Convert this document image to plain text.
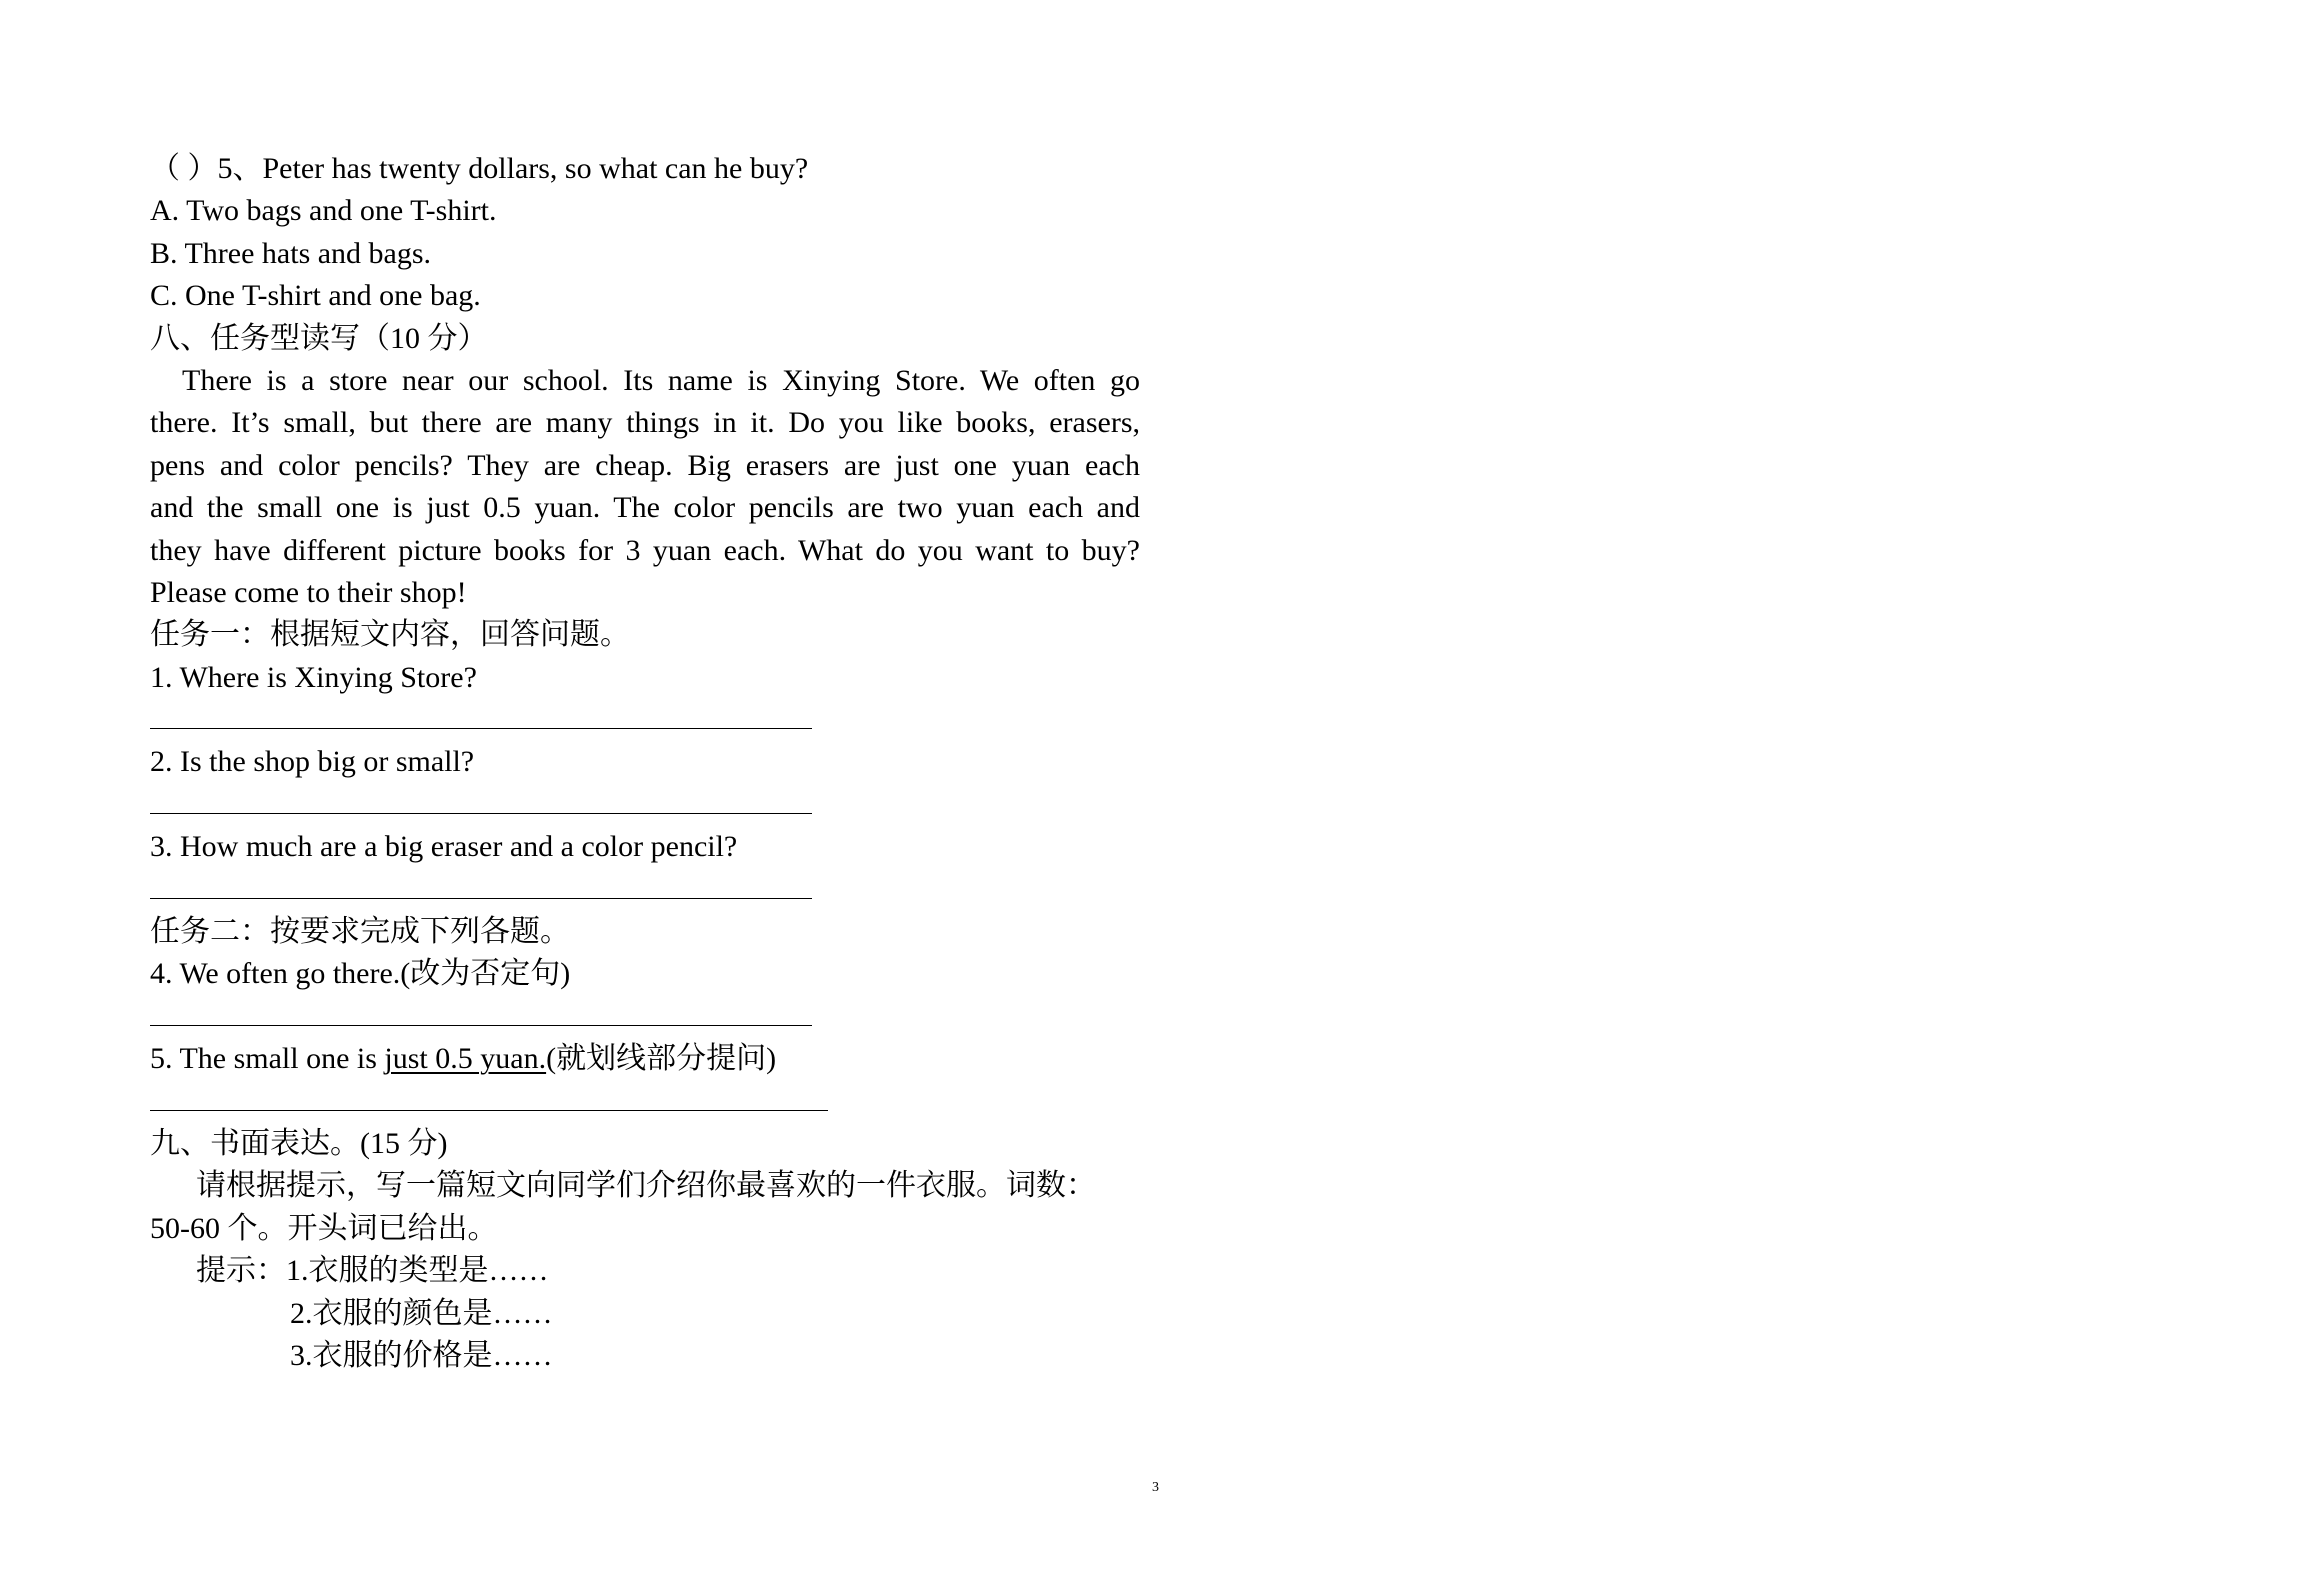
（ ）5、Peter has twenty dollars, so what can he buy?
A. Two bags and one T-shirt.
B. Three hats and bags.
C. One T-shirt and one bag.
八、任务型读写（10 分）
There is a store near our school. Its name is Xinying Store. We often go
there. It’s small, but there are many things in it. Do you like books, erasers,
pens and color pencils? They are cheap. Big erasers are just one yuan each
and the small one is just 0.5 yuan. The color pencils are two yuan each and
they have different picture books for 3 yuan each. What do you want to buy?
Please come to their shop!
任务一：根据短文内容，回答问题。
1. Where is Xinying Store?
2. Is the shop big or small?
3. How much are a big eraser and a color pencil?
任务二：按要求完成下列各题。
4. We often go there.(改为否定句)
5. The small one is just 0.5 yuan.(就划线部分提问)
九、书面表达。(15 分)
请根据提示，写一篇短文向同学们介绍你最喜欢的一件衣服。词数：
50-60 个。开头词已给出。
提示：1.衣服的类型是……
2.衣服的颜色是……
3.衣服的价格是……
3
